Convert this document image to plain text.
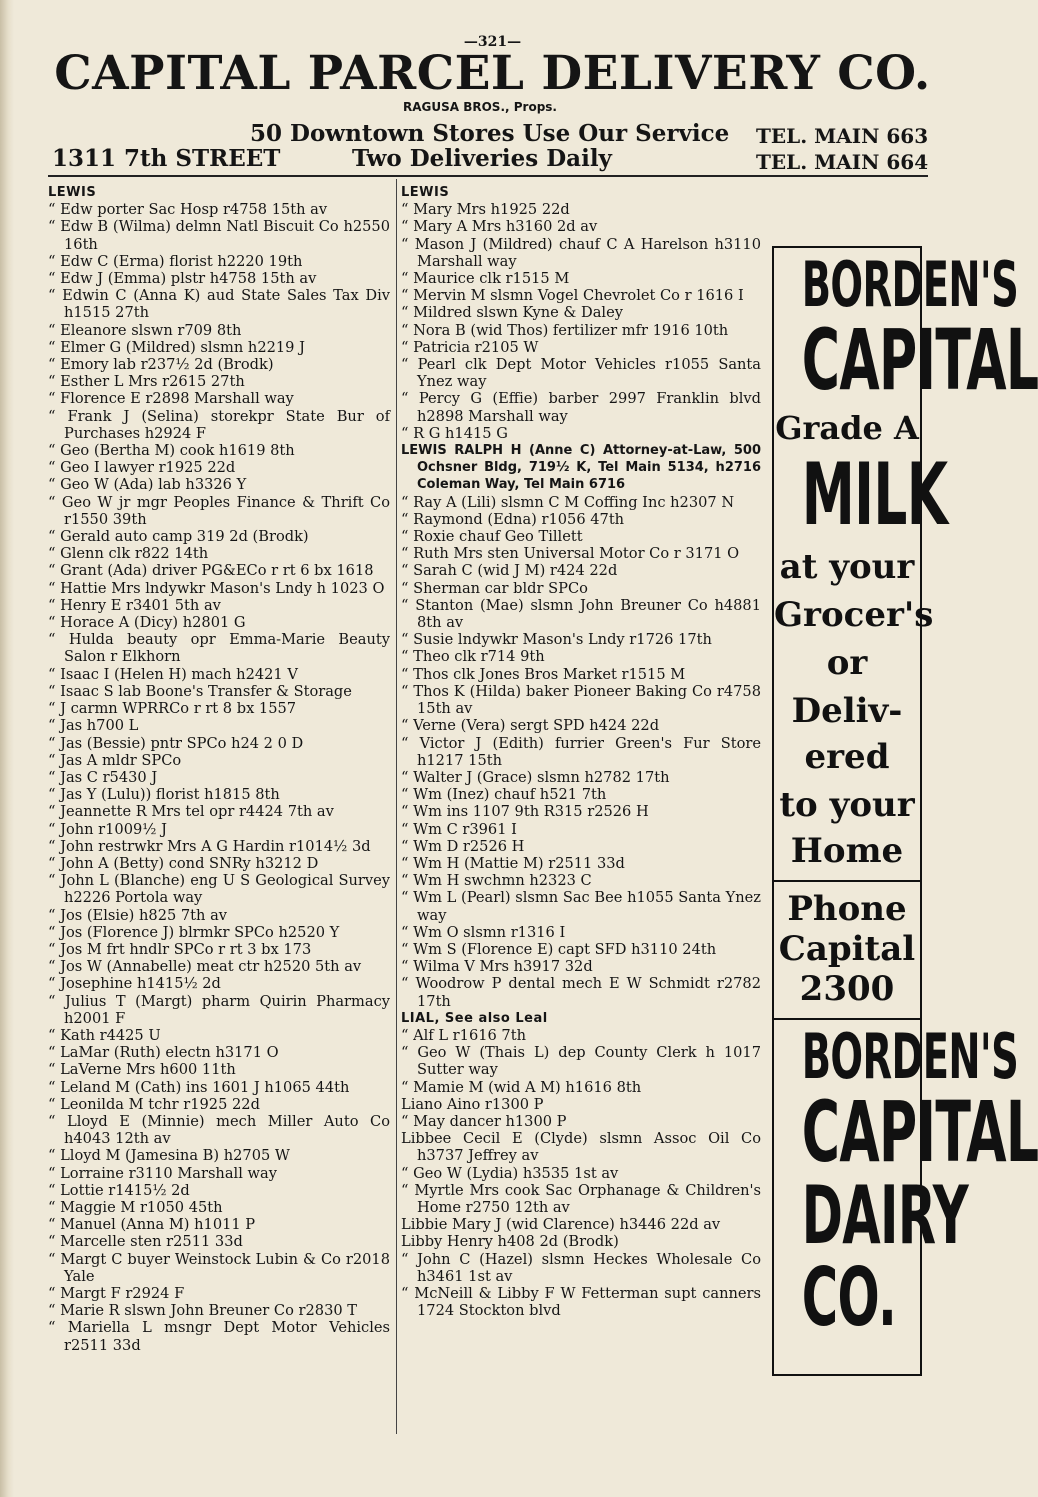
—321—
CAPITAL PARCEL DELIVERY CO.
RAGUSA BROS., Props.
50 Downtown Stores Use Our Service
1311 7th STREET	Two Deliveries Daily
TEL. MAIN 663
TEL. MAIN 664
LEWIS
“ Edw porter Sac Hosp r4758 15th av
“ Edw B (Wilma) delmn Natl Biscuit Co h2550 16th
“ Edw C (Erma) florist h2220 19th
“ Edw J (Emma) plstr h4758 15th av
“ Edwin C (Anna K) aud State Sales Tax Div h1515 27th
“ Eleanore slswn r709 8th
“ Elmer G (Mildred) slsmn h2219 J
“ Emory lab r237½ 2d (Brodk)
“ Esther L Mrs r2615 27th
“ Florence E r2898 Marshall way
“ Frank J (Selina) storekpr State Bur of Purchases h2924 F
“ Geo (Bertha M) cook h1619 8th
“ Geo I lawyer r1925 22d
“ Geo W (Ada) lab h3326 Y
“ Geo W jr mgr Peoples Finance & Thrift Co r1550 39th
“ Gerald auto camp 319 2d (Brodk)
“ Glenn clk r822 14th
“ Grant (Ada) driver PG&ECo r rt 6 bx 1618
“ Hattie Mrs lndywkr Mason's Lndy h 1023 O
“ Henry E r3401 5th av
“ Horace A (Dicy) h2801 G
“ Hulda beauty opr Emma-Marie Beauty Salon r Elkhorn
“ Isaac I (Helen H) mach h2421 V
“ Isaac S lab Boone's Transfer & Storage
“ J carmn WPRRCo r rt 8 bx 1557
“ Jas h700 L
“ Jas (Bessie) pntr SPCo h24 2 0 D
“ Jas A mldr SPCo
“ Jas C r5430 J
“ Jas Y (Lulu)) florist h1815 8th
“ Jeannette R Mrs tel opr r4424 7th av
“ John r1009½ J
“ John restrwkr Mrs A G Hardin r1014½ 3d
“ John A (Betty) cond SNRy h3212 D
“ John L (Blanche) eng U S Geological Survey h2226 Portola way
“ Jos (Elsie) h825 7th av
“ Jos (Florence J) blrmkr SPCo h2520 Y
“ Jos M frt hndlr SPCo r rt 3 bx 173
“ Jos W (Annabelle) meat ctr h2520 5th av
“ Josephine h1415½ 2d
“ Julius T (Margt) pharm Quirin Pharmacy h2001 F
“ Kath r4425 U
“ LaMar (Ruth) electn h3171 O
“ LaVerne Mrs h600 11th
“ Leland M (Cath) ins 1601 J h1065 44th
“ Leonilda M tchr r1925 22d
“ Lloyd E (Minnie) mech Miller Auto Co h4043 12th av
“ Lloyd M (Jamesina B) h2705 W
“ Lorraine r3110 Marshall way
“ Lottie r1415½ 2d
“ Maggie M r1050 45th
“ Manuel (Anna M) h1011 P
“ Marcelle sten r2511 33d
“ Margt C buyer Weinstock Lubin & Co r2018 Yale
“ Margt F r2924 F
“ Marie R slswn John Breuner Co r2830 T
“ Mariella L msngr Dept Motor Vehicles r2511 33d
LEWIS
“ Mary Mrs h1925 22d
“ Mary A Mrs h3160 2d av
“ Mason J (Mildred) chauf C A Harelson h3110 Marshall way
“ Maurice clk r1515 M
“ Mervin M slsmn Vogel Chevrolet Co r 1616 I
“ Mildred slswn Kyne & Daley
“ Nora B (wid Thos) fertilizer mfr 1916 10th
“ Patricia r2105 W
“ Pearl clk Dept Motor Vehicles r1055 Santa Ynez way
“ Percy G (Effie) barber 2997 Franklin blvd h2898 Marshall way
“ R G h1415 G
LEWIS RALPH H (Anne C) Attorney-at-Law, 500 Ochsner Bldg, 719½ K, Tel Main 5134, h2716 Coleman Way, Tel Main 6716
“ Ray A (Lili) slsmn C M Coffing Inc h2307 N
“ Raymond (Edna) r1056 47th
“ Roxie chauf Geo Tillett
“ Ruth Mrs sten Universal Motor Co r 3171 O
“ Sarah C (wid J M) r424 22d
“ Sherman car bldr SPCo
“ Stanton (Mae) slsmn John Breuner Co h4881 8th av
“ Susie lndywkr Mason's Lndy r1726 17th
“ Theo clk r714 9th
“ Thos clk Jones Bros Market r1515 M
“ Thos K (Hilda) baker Pioneer Baking Co r4758 15th av
“ Verne (Vera) sergt SPD h424 22d
“ Victor J (Edith) furrier Green's Fur Store h1217 15th
“ Walter J (Grace) slsmn h2782 17th
“ Wm (Inez) chauf h521 7th
“ Wm ins 1107 9th R315 r2526 H
“ Wm C r3961 I
“ Wm D r2526 H
“ Wm H (Mattie M) r2511 33d
“ Wm H swchmn h2323 C
“ Wm L (Pearl) slsmn Sac Bee h1055 Santa Ynez way
“ Wm O slsmn r1316 I
“ Wm S (Florence E) capt SFD h3110 24th
“ Wilma V Mrs h3917 32d
“ Woodrow P dental mech E W Schmidt r2782 17th
LIAL, See also Leal
“ Alf L r1616 7th
“ Geo W (Thais L) dep County Clerk h 1017 Sutter way
“ Mamie M (wid A M) h1616 8th
Liano Aino r1300 P
“ May dancer h1300 P
Libbee Cecil E (Clyde) slsmn Assoc Oil Co h3737 Jeffrey av
“ Geo W (Lydia) h3535 1st av
“ Myrtle Mrs cook Sac Orphanage & Children's Home r2750 12th av
Libbie Mary J (wid Clarence) h3446 22d av
Libby Henry h408 2d (Brodk)
“ John C (Hazel) slsmn Heckes Wholesale Co h3461 1st av
“ McNeill & Libby F W Fetterman supt canners 1724 Stockton blvd
BORDEN'S
CAPITAL
Grade A
MILK
at your
Grocer's
or
Deliv-
ered
to your
Home
Phone
Capital
2300
BORDEN'S
CAPITAL
DAIRY
CO.
